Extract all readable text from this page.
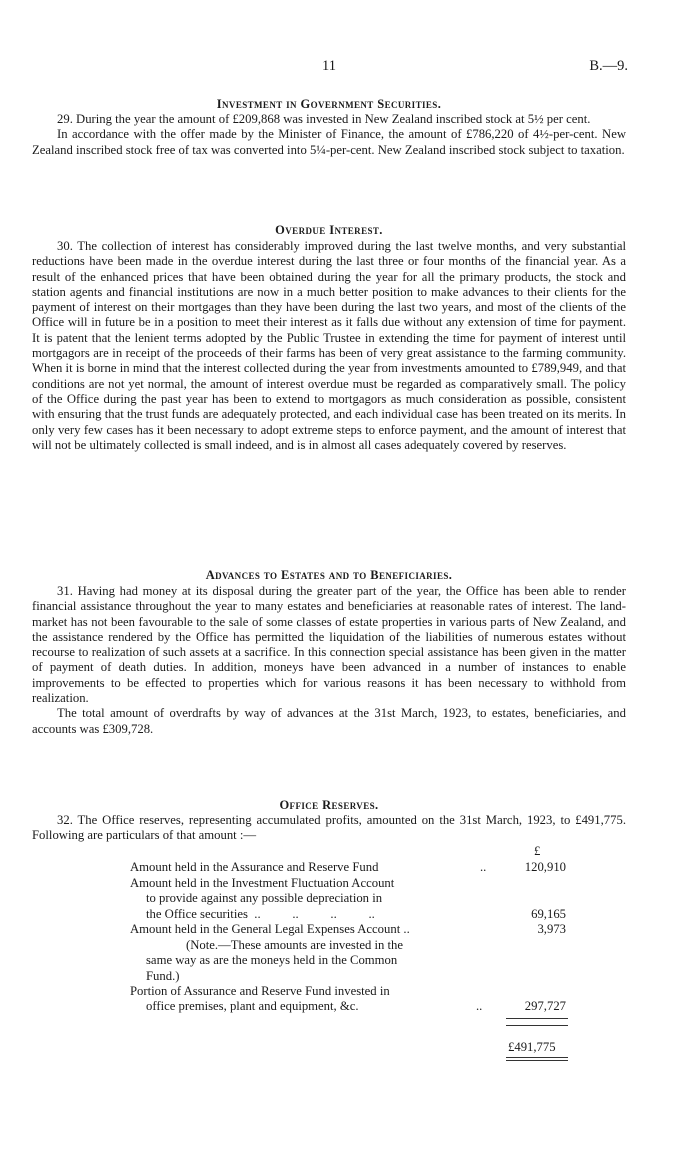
11	B.—9.
Investment in Government Securities.

29. During the year the amount of £209,868 was invested in New Zealand inscribed stock at 5½ per cent.

In accordance with the offer made by the Minister of Finance, the amount of £786,220 of 4½-per-cent. New Zealand inscribed stock free of tax was converted into 5¼-per-cent. New Zealand inscribed stock subject to taxation.

Overdue Interest.

30. The collection of interest has considerably improved during the last twelve months, and very substantial reductions have been made in the overdue interest during the last three or four months of the financial year. As a result of the enhanced prices that have been obtained during the year for all the primary products, the stock and station agents and financial institutions are now in a much better position to make advances to their clients for the payment of interest on their mortgages than they have been during the last two years, and most of the clients of the Office will in future be in a position to meet their interest as it falls due without any extension of time for payment. It is patent that the lenient terms adopted by the Public Trustee in extending the time for payment of interest until mortgagors are in receipt of the proceeds of their farms has been of very great assistance to the farming community. When it is borne in mind that the interest collected during the year from investments amounted to £789,949, and that conditions are not yet normal, the amount of interest overdue must be regarded as comparatively small. The policy of the Office during the past year has been to extend to mortgagors as much consideration as possible, consistent with ensuring that the trust funds are adequately protected, and each individual case has been treated on its merits. In only very few cases has it been necessary to adopt extreme steps to enforce payment, and the amount of interest that will not be ultimately collected is small indeed, and is in almost all cases adequately covered by reserves.

Advances to Estates and to Beneficiaries.

31. Having had money at its disposal during the greater part of the year, the Office has been able to render financial assistance throughout the year to many estates and beneficiaries at reasonable rates of interest. The land-market has not been favourable to the sale of some classes of estate properties in various parts of New Zealand, and the assistance rendered by the Office has permitted the liquidation of the liabilities of numerous estates without recourse to realization of such assets at a sacrifice. In this connection special assistance has been given in the matter of payment of death duties. In addition, moneys have been advanced in a number of instances to enable improvements to be effected to properties which for various reasons it has been necessary to withhold from realization.

The total amount of overdrafts by way of advances at the 31st March, 1923, to estates, beneficiaries, and accounts was £309,728.

Office Reserves.

32. The Office reserves, representing accumulated profits, amounted on the 31st March, 1923, to £491,775. Following are particulars of that amount :—

£
Amount held in the Assurance and Reserve Fund	..	120,910
Amount held in the Investment Fluctuation Account
to provide against any possible depreciation in
the Office securities  ..          ..          ..          ..	69,165
Amount held in the General Legal Expenses Account ..	3,973
(Note.—These amounts are invested in the
same way as are the moneys held in the Common
Fund.)
Portion of Assurance and Reserve Fund invested in
office premises, plant and equipment, &c.	..	297,727
£491,775
